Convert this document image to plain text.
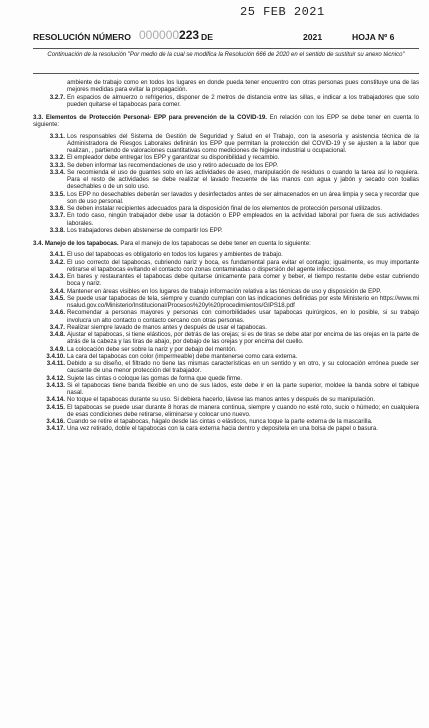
25 FEB 2021
RESOLUCIÓN NÚMERO 000000223 DE	2021	HOJA Nº 6
Continuación de la resolución "Por medio de la cual se modifica la Resolución 666 de 2020 en el sentido de sustituir su anexo técnico"

ambiente de trabajo como en todos los lugares en donde pueda tener encuentro con otras personas pues constituye una de las mejores medidas para evitar la propagación.

3.2.7. En espacios de almuerzo o refrigerios, disponer de 2 metros de distancia entre las sillas, e indicar a los trabajadores que solo pueden quitarse el tapabocas para comer.

3.3. Elementos de Protección Personal- EPP para prevención de la COVID-19. En relación con los EPP se debe tener en cuenta lo siguiente:

3.3.1. Los responsables del Sistema de Gestión de Seguridad y Salud en el Trabajo, con la asesoría y asistencia técnica de la Administradora de Riesgos Laborales definirán los EPP que permitan la protección del COVID-19 y se ajusten a la labor que realizan, , partiendo de valoraciones cuantitativas como mediciones de higiene industrial u ocupacional.
3.3.2. El empleador debe entregar los EPP y garantizar su disponibilidad y recambio.
3.3.3. Se deben informar las recomendaciones de uso y retiro adecuado de los EPP.
3.3.4. Se recomienda el uso de guantes solo en las actividades de aseo, manipulación de residuos o cuando la tarea así lo requiera. Para el resto de actividades se debe realizar el lavado frecuente de las manos con agua y jabón y secado con toallas desechables o de un solo uso.
3.3.5. Los EPP no desechables deberán ser lavados y desinfectados antes de ser almacenados en un área limpia y seca y recordar que son de uso personal.
3.3.6. Se deben instalar recipientes adecuados para la disposición final de los elementos de protección personal utilizados.
3.3.7. En todo caso, ningún trabajador debe usar la dotación o EPP empleados en la actividad laboral por fuera de sus actividades laborales.
3.3.8. Los trabajadores deben abstenerse de compartir los EPP.

3.4. Manejo de los tapabocas. Para el manejo de los tapabocas se debe tener en cuenta lo siguiente:

3.4.1. El uso del tapabocas es obligatorio en todos los lugares y ambientes de trabajo.
3.4.2. El uso correcto del tapabocas, cubriendo nariz y boca, es fundamental para evitar el contagio; igualmente, es muy importante retirarse el tapabocas evitando el contacto con zonas contaminadas o dispersión del agente infeccioso.
3.4.3. En bares y restaurantes el tapabocas debe quitarse únicamente para comer y beber, el tiempo restante debe estar cubriendo boca y nariz.
3.4.4. Mantener en áreas visibles en los lugares de trabajo información relativa a las técnicas de uso y disposición de EPP.
3.4.5. Se puede usar tapabocas de tela, siempre y cuando cumplan con las indicaciones definidas por este Ministerio en https://www.minsalud.gov.co/Ministerio/Institucional/Procesos%20y%20procedimientos/GIPS18.pdf
3.4.6. Recomendar a personas mayores y personas con comorbilidades usar tapabocas quirúrgicos, en lo posible, si su trabajo involucra un alto contacto o contacto cercano con otras personas.
3.4.7. Realizar siempre lavado de manos antes y después de usar el tapabocas.
3.4.8. Ajustar el tapabocas, si tiene elásticos, por detrás de las orejas; si es de tiras se debe atar por encima de las orejas en la parte de atrás de la cabeza y las tiras de abajo, por debajo de las orejas y por encima del cuello.
3.4.9. La colocación debe ser sobre la nariz y por debajo del mentón.
3.4.10. La cara del tapabocas con color (impermeable) debe mantenerse como cara externa.
3.4.11. Debido a su diseño, el filtrado no tiene las mismas características en un sentido y en otro, y su colocación errónea puede ser causante de una menor protección del trabajador.
3.4.12. Sujete las cintas o coloque las gomas de forma que quede firme.
3.4.13. Si el tapabocas tiene banda flexible en uno de sus lados, este debe ir en la parte superior, moldee la banda sobre el tabique nasal.
3.4.14. No toque el tapabocas durante su uso. Si debiera hacerlo, lávese las manos antes y después de su manipulación.
3.4.15. El tapabocas se puede usar durante 8 horas de manera continua, siempre y cuando no esté roto, sucio o húmedo; en cualquiera de esas condiciones debe retirarse, eliminarse y colocar uno nuevo.
3.4.16. Cuando se retire el tapabocas, hágalo desde las cintas o elásticos, nunca toque la parte externa de la mascarilla.
3.4.17. Una vez retirado, doble el tapabocas con la cara externa hacia dentro y depositela en una bolsa de papel o basura.
